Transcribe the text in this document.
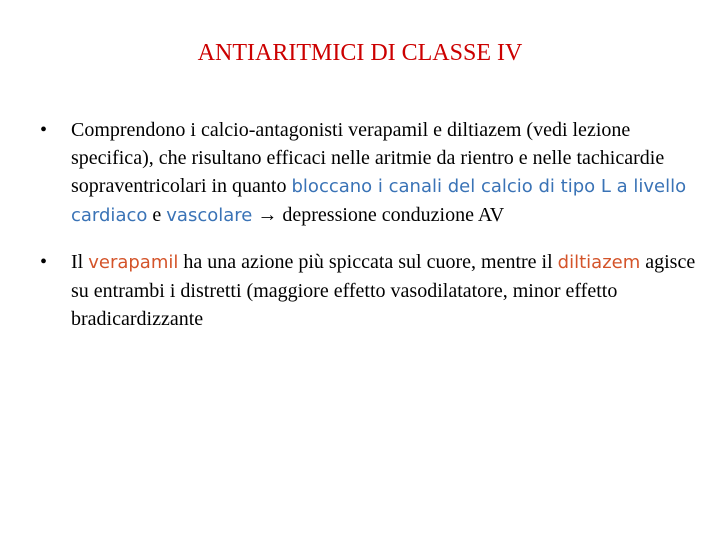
ANTIARITMICI DI CLASSE IV
•	Comprendono i calcio-antagonisti verapamil e diltiazem (vedi lezione specifica), che risultano efficaci nelle aritmie da rientro e nelle tachicardie sopraventricolari in quanto bloccano i canali del calcio di tipo L a livello cardiaco e vascolare → depressione conduzione AV
•	Il verapamil ha una azione più spiccata sul cuore, mentre il diltiazem agisce su entrambi i distretti (maggiore effetto vasodilatatore, minor effetto bradicardizzante
